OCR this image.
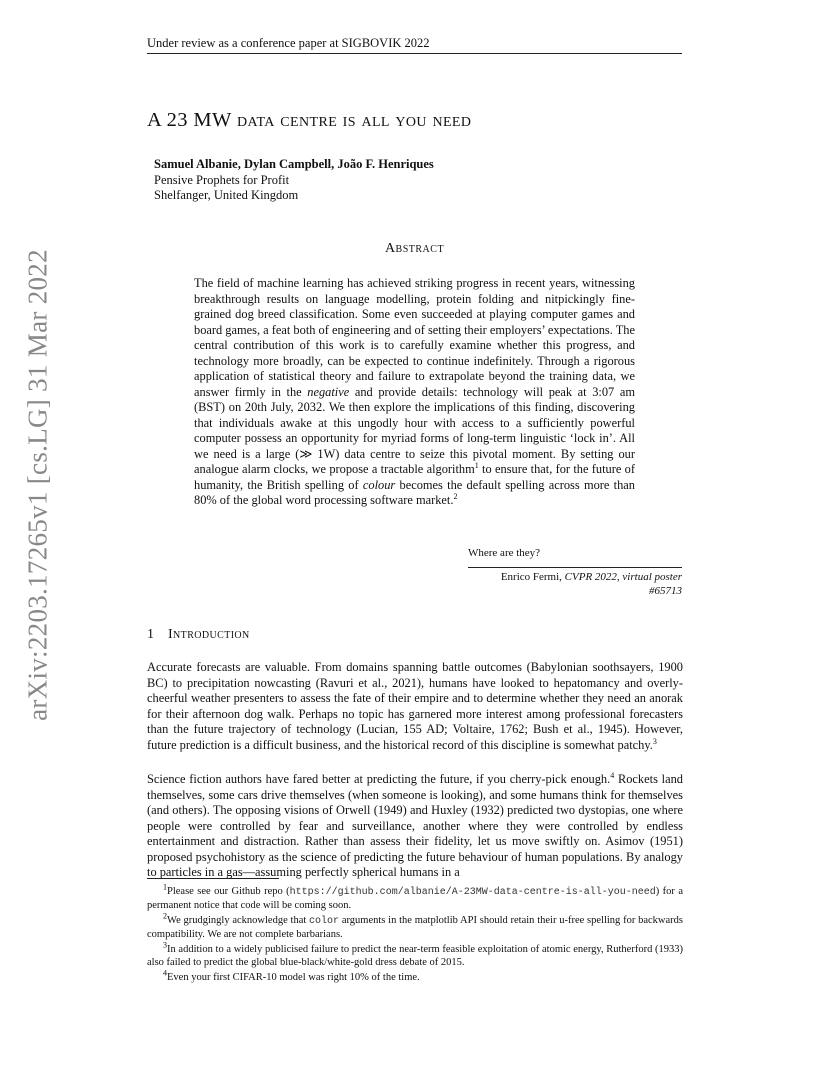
Under review as a conference paper at SIGBOVIK 2022
arXiv:2203.17265v1 [cs.LG] 31 Mar 2022
A 23 MW data centre is all you need
Samuel Albanie, Dylan Campbell, João F. Henriques
Pensive Prophets for Profit
Shelfanger, United Kingdom
Abstract
The field of machine learning has achieved striking progress in recent years, witnessing breakthrough results on language modelling, protein folding and nitpickingly fine-grained dog breed classification. Some even succeeded at playing computer games and board games, a feat both of engineering and of setting their employers’ expectations. The central contribution of this work is to carefully examine whether this progress, and technology more broadly, can be expected to continue indefinitely. Through a rigorous application of statistical theory and failure to extrapolate beyond the training data, we answer firmly in the negative and provide details: technology will peak at 3:07 am (BST) on 20th July, 2032. We then explore the implications of this finding, discovering that individuals awake at this ungodly hour with access to a sufficiently powerful computer possess an opportunity for myriad forms of long-term linguistic ‘lock in’. All we need is a large (≫ 1W) data centre to seize this pivotal moment. By setting our analogue alarm clocks, we propose a tractable algorithm$^1$ to ensure that, for the future of humanity, the British spelling of colour becomes the default spelling across more than 80% of the global word processing software market.$^2$
Where are they?
Enrico Fermi, CVPR 2022, virtual poster
#65713
1 Introduction
Accurate forecasts are valuable. From domains spanning battle outcomes (Babylonian soothsayers, 1900 BC) to precipitation nowcasting (Ravuri et al., 2021), humans have looked to hepatomancy and overly-cheerful weather presenters to assess the fate of their empire and to determine whether they need an anorak for their afternoon dog walk. Perhaps no topic has garnered more interest among professional forecasters than the future trajectory of technology (Lucian, 155 AD; Voltaire, 1762; Bush et al., 1945). However, future prediction is a difficult business, and the historical record of this discipline is somewhat patchy.$^3$
Science fiction authors have fared better at predicting the future, if you cherry-pick enough.$^4$ Rockets land themselves, some cars drive themselves (when someone is looking), and some humans think for themselves (and others). The opposing visions of Orwell (1949) and Huxley (1932) predicted two dystopias, one where people were controlled by fear and surveillance, another where they were controlled by endless entertainment and distraction. Rather than assess their fidelity, let us move swiftly on. Asimov (1951) proposed psychohistory as the science of predicting the future behaviour of human populations. By analogy to particles in a gas—assuming perfectly spherical humans in a
$^1$Please see our Github repo (https://github.com/albanie/A-23MW-data-centre-is-all-you-need) for a permanent notice that code will be coming soon.
$^2$We grudgingly acknowledge that color arguments in the matplotlib API should retain their u-free spelling for backwards compatibility. We are not complete barbarians.
$^3$In addition to a widely publicised failure to predict the near-term feasible exploitation of atomic energy, Rutherford (1933) also failed to predict the global blue-black/white-gold dress debate of 2015.
$^4$Even your first CIFAR-10 model was right 10% of the time.
